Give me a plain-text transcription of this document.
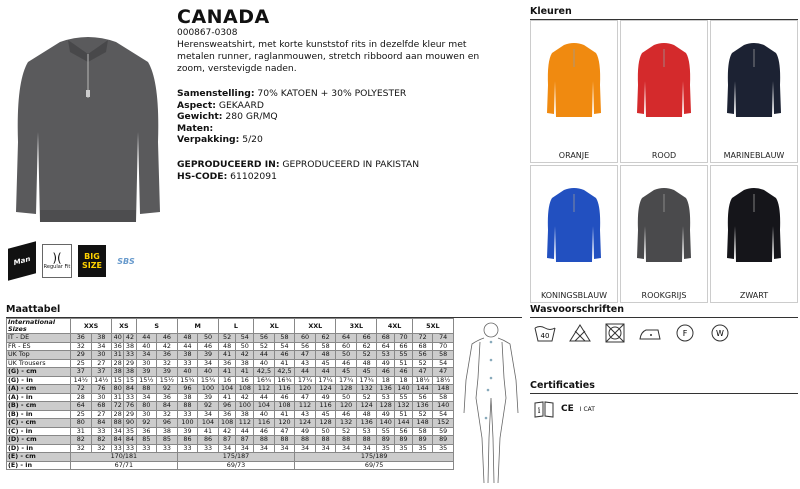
CANADA
000867-0308
Herensweatshirt, met korte kunststof rits in dezelfde kleur met metalen runner, raglanmouwen, stretch ribboord aan mouwen en zoom, verstevigde naden.
Samenstelling: 70% KATOEN + 30% POLYESTER
Aspect: GEKAARD
Gewicht: 280 GR/MQ
Maten:
Verpakking: 5/20
GEPRODUCEERD IN: GEPRODUCEERD IN PAKISTAN
HS-CODE: 61102091
Man )(
Regular Fit
BIG
SIZE SBS
Kleuren
ORANJE	ROOD	MARINEBLAUW
KONINGSBLAUW	ROOKGRIJS	ZWART
Maattabel
International Sizes	XXS		XS		S		M		L		XL		XXL		3XL		4XL		5XL	
IT - DE	36	38	40	42	44	46	48	50	52	54	56	58	60	62	64	66	68	70	72	74
FR - ES	32	34	36	38	40	42	44	46	48	50	52	54	56	58	60	62	64	66	68	70
UK Top	29	30	31	33	34	36	38	39	41	42	44	46	47	48	50	52	53	55	56	58
UK Trousers	25	27	28	29	30	32	33	34	36	38	40	41	43	45	46	48	49	51	52	54
(G) - cm	37	37	38	38	39	39	40	40	41	41	42,5	42,5	44	44	45	45	46	46	47	47
(G) - in	14½	14½	15	15	15½	15½	15¾	15¾	16	16	16¾	16¾	17¼	17¼	17¾	17¾	18	18	18½	18½
(A) - cm	72	76	80	84	88	92	96	100	104	108	112	116	120	124	128	132	136	140	144	148
(A) - in	28	30	31	33	34	36	38	39	41	42	44	46	47	49	50	52	53	55	56	58
(B) - cm	64	68	72	76	80	84	88	92	96	100	104	108	112	116	120	124	128	132	136	140
(B) - in	25	27	28	29	30	32	33	34	36	38	40	41	43	45	46	48	49	51	52	54
(C) - cm	80	84	88	90	92	96	100	104	108	112	116	120	124	128	132	136	140	144	148	152
(C) - in	31	33	34	35	36	38	39	41	42	44	46	47	49	50	52	53	55	56	58	59
(D) - cm	82	82	84	84	85	85	86	86	87	87	88	88	88	88	88	88	89	89	89	89
(D) - in	32	32	33	33	33	33	33	33	34	34	34	34	34	34	34	34	35	35	35	35
(E) - cm	170/181						175/187						175/189							
(E) - in	67/71						69/73						69/75							
Wasvoorschriften
40	F	W
Certificaties
i CE I CAT
